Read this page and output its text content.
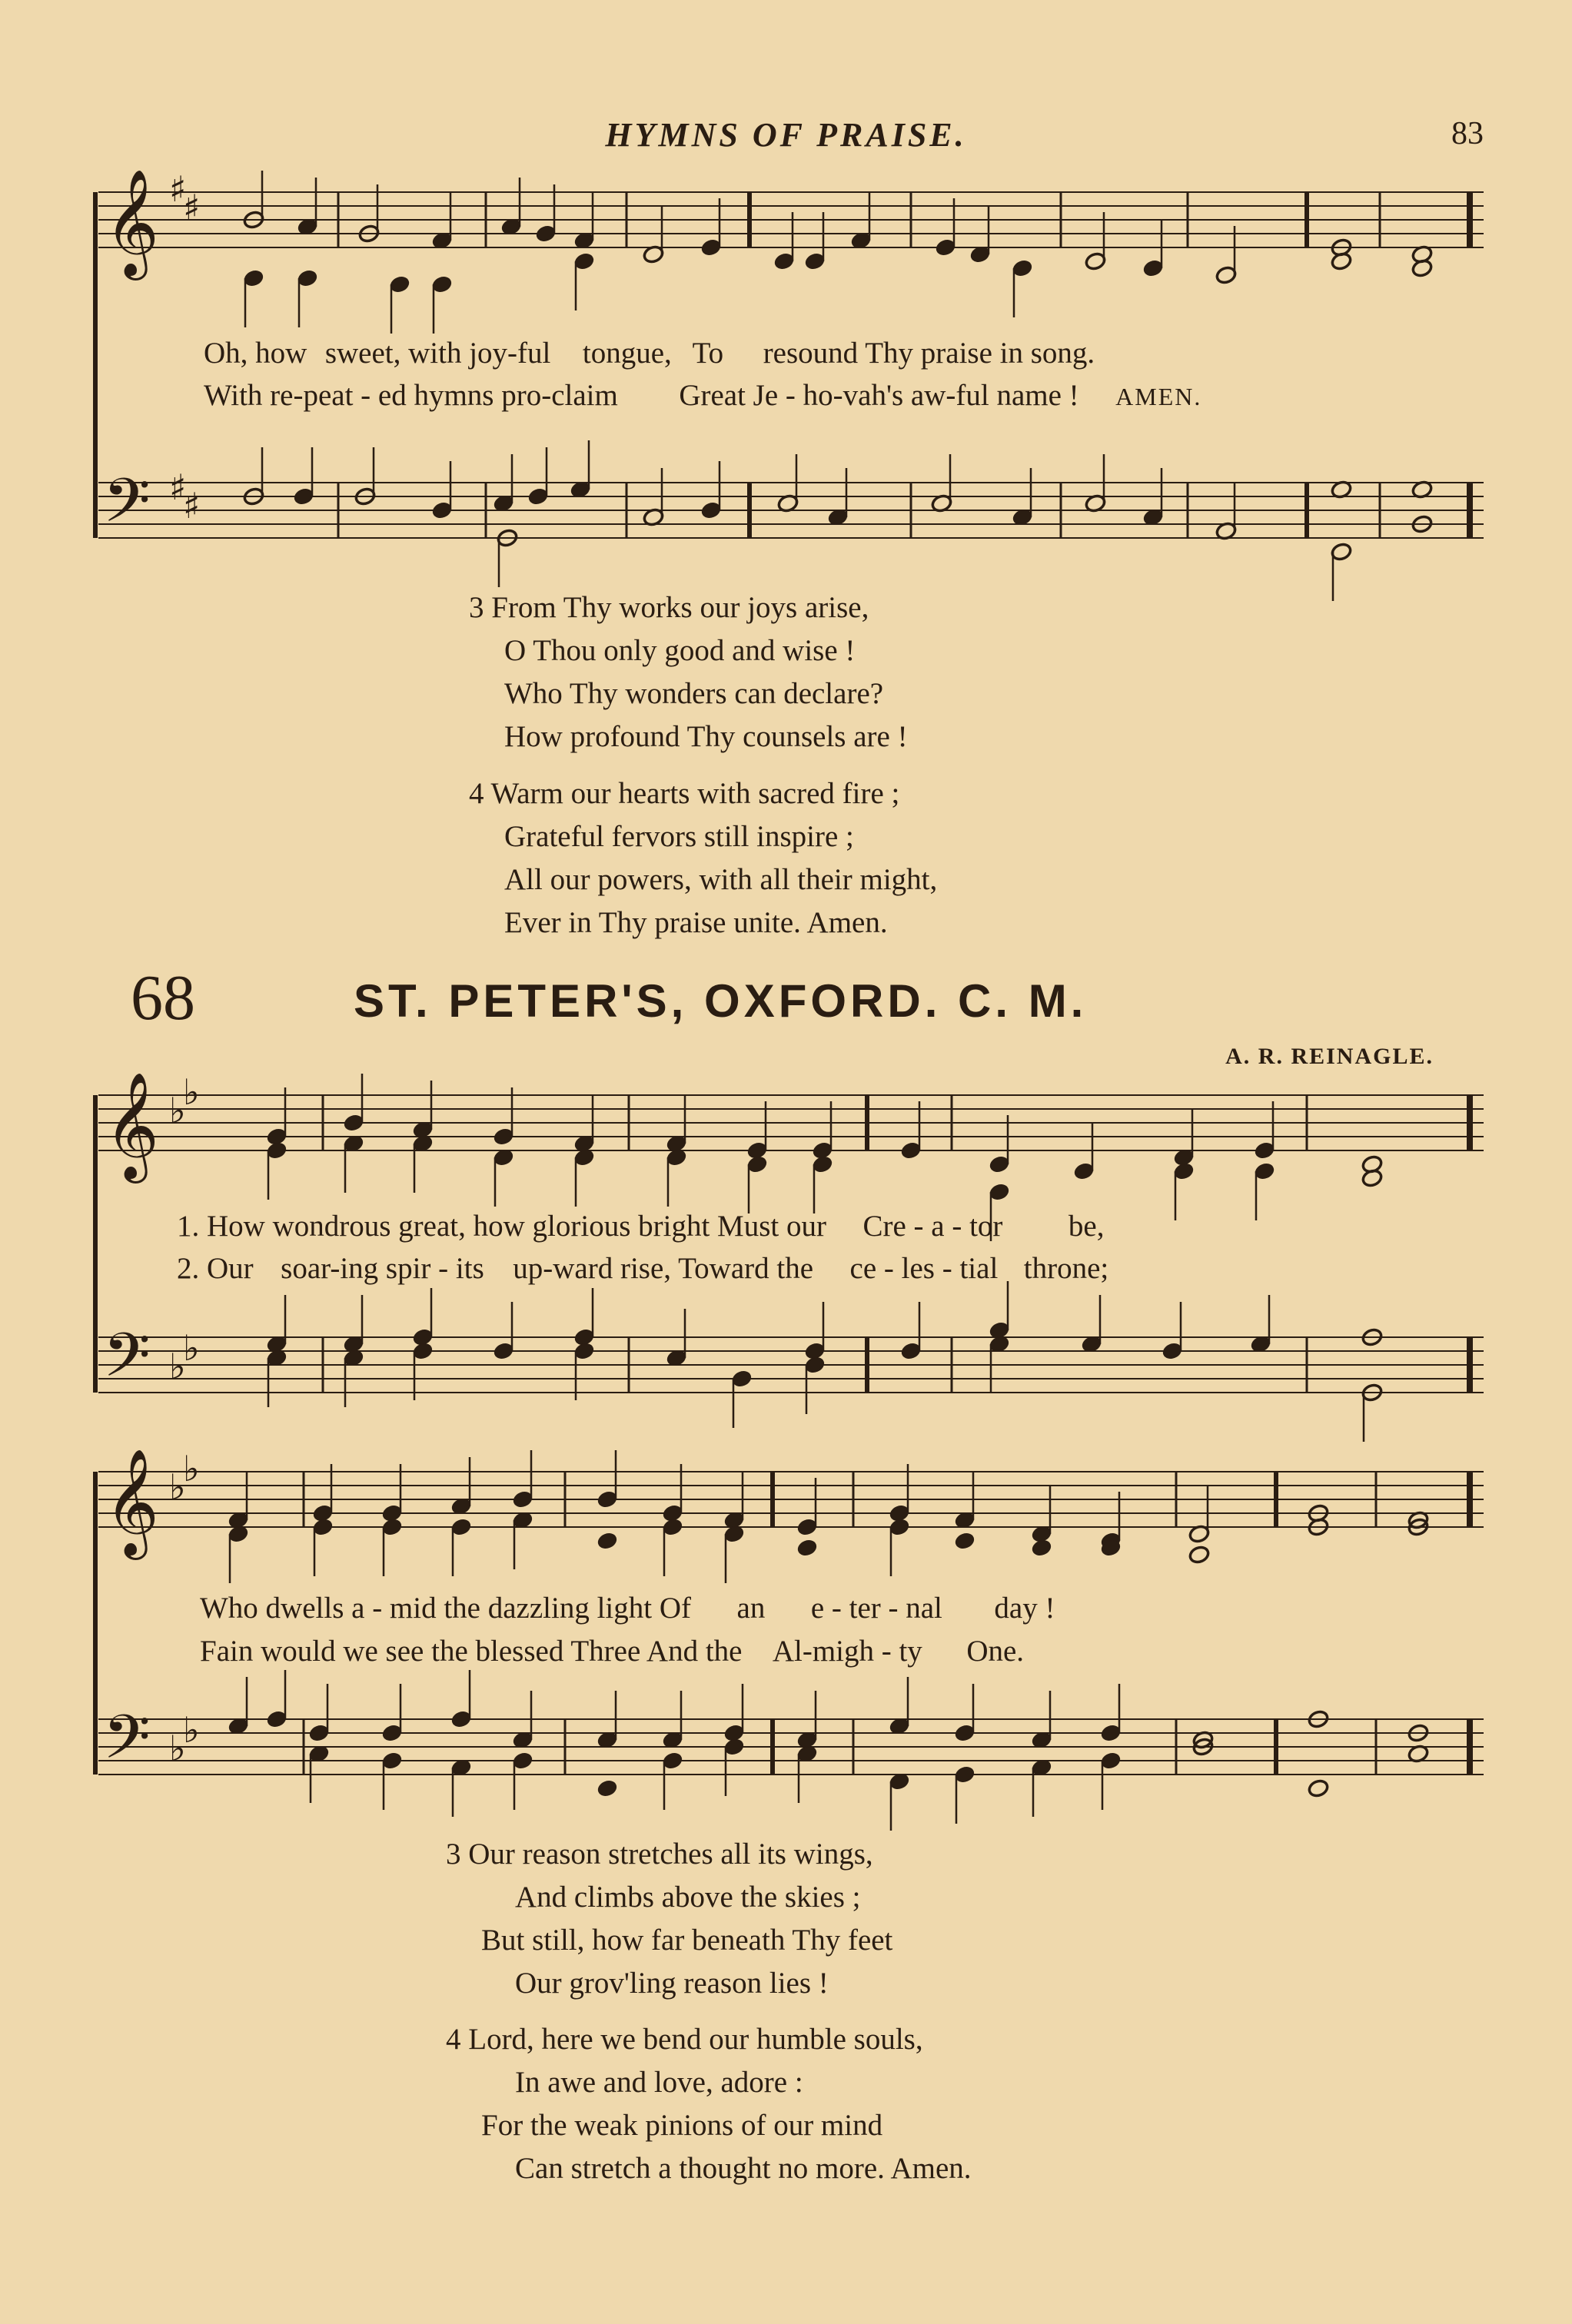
𝄞
𝄢
♯
♯
♯
♯
𝄞
𝄢
♭
♭
♭
♭
𝄞
𝄢
♭
♭
♭
♭
HYMNS OF PRAISE.	83
Oh, how sweet, with joy-ful tongue, To resound Thy praise in song.
With re-peat - ed hymns pro-claim Great Je - ho-vah's aw-ful name ! AMEN.

3 From Thy works our joys arise,

O Thou only good and wise !

Who Thy wonders can declare?

How profound Thy counsels are !

4 Warm our hearts with sacred fire ;

Grateful fervors still inspire ;

All our powers, with all their might,

Ever in Thy praise unite. Amen.

68	ST. PETER'S, OXFORD. C. M.
A. R. REINAGLE.
1. How wondrous great, how glorious bright Must our Cre - a - tor be,
2. Our soar-ing spir - its up-ward rise, Toward the ce - les - tial throne;
Who dwells a - mid the dazzling light Of an e - ter - nal day !
Fain would we see the blessed Three And the Al-migh - ty One.

3 Our reason stretches all its wings,

And climbs above the skies ;

But still, how far beneath Thy feet

Our grov'ling reason lies !

4 Lord, here we bend our humble souls,

In awe and love, adore :

For the weak pinions of our mind

Can stretch a thought no more. Amen.
